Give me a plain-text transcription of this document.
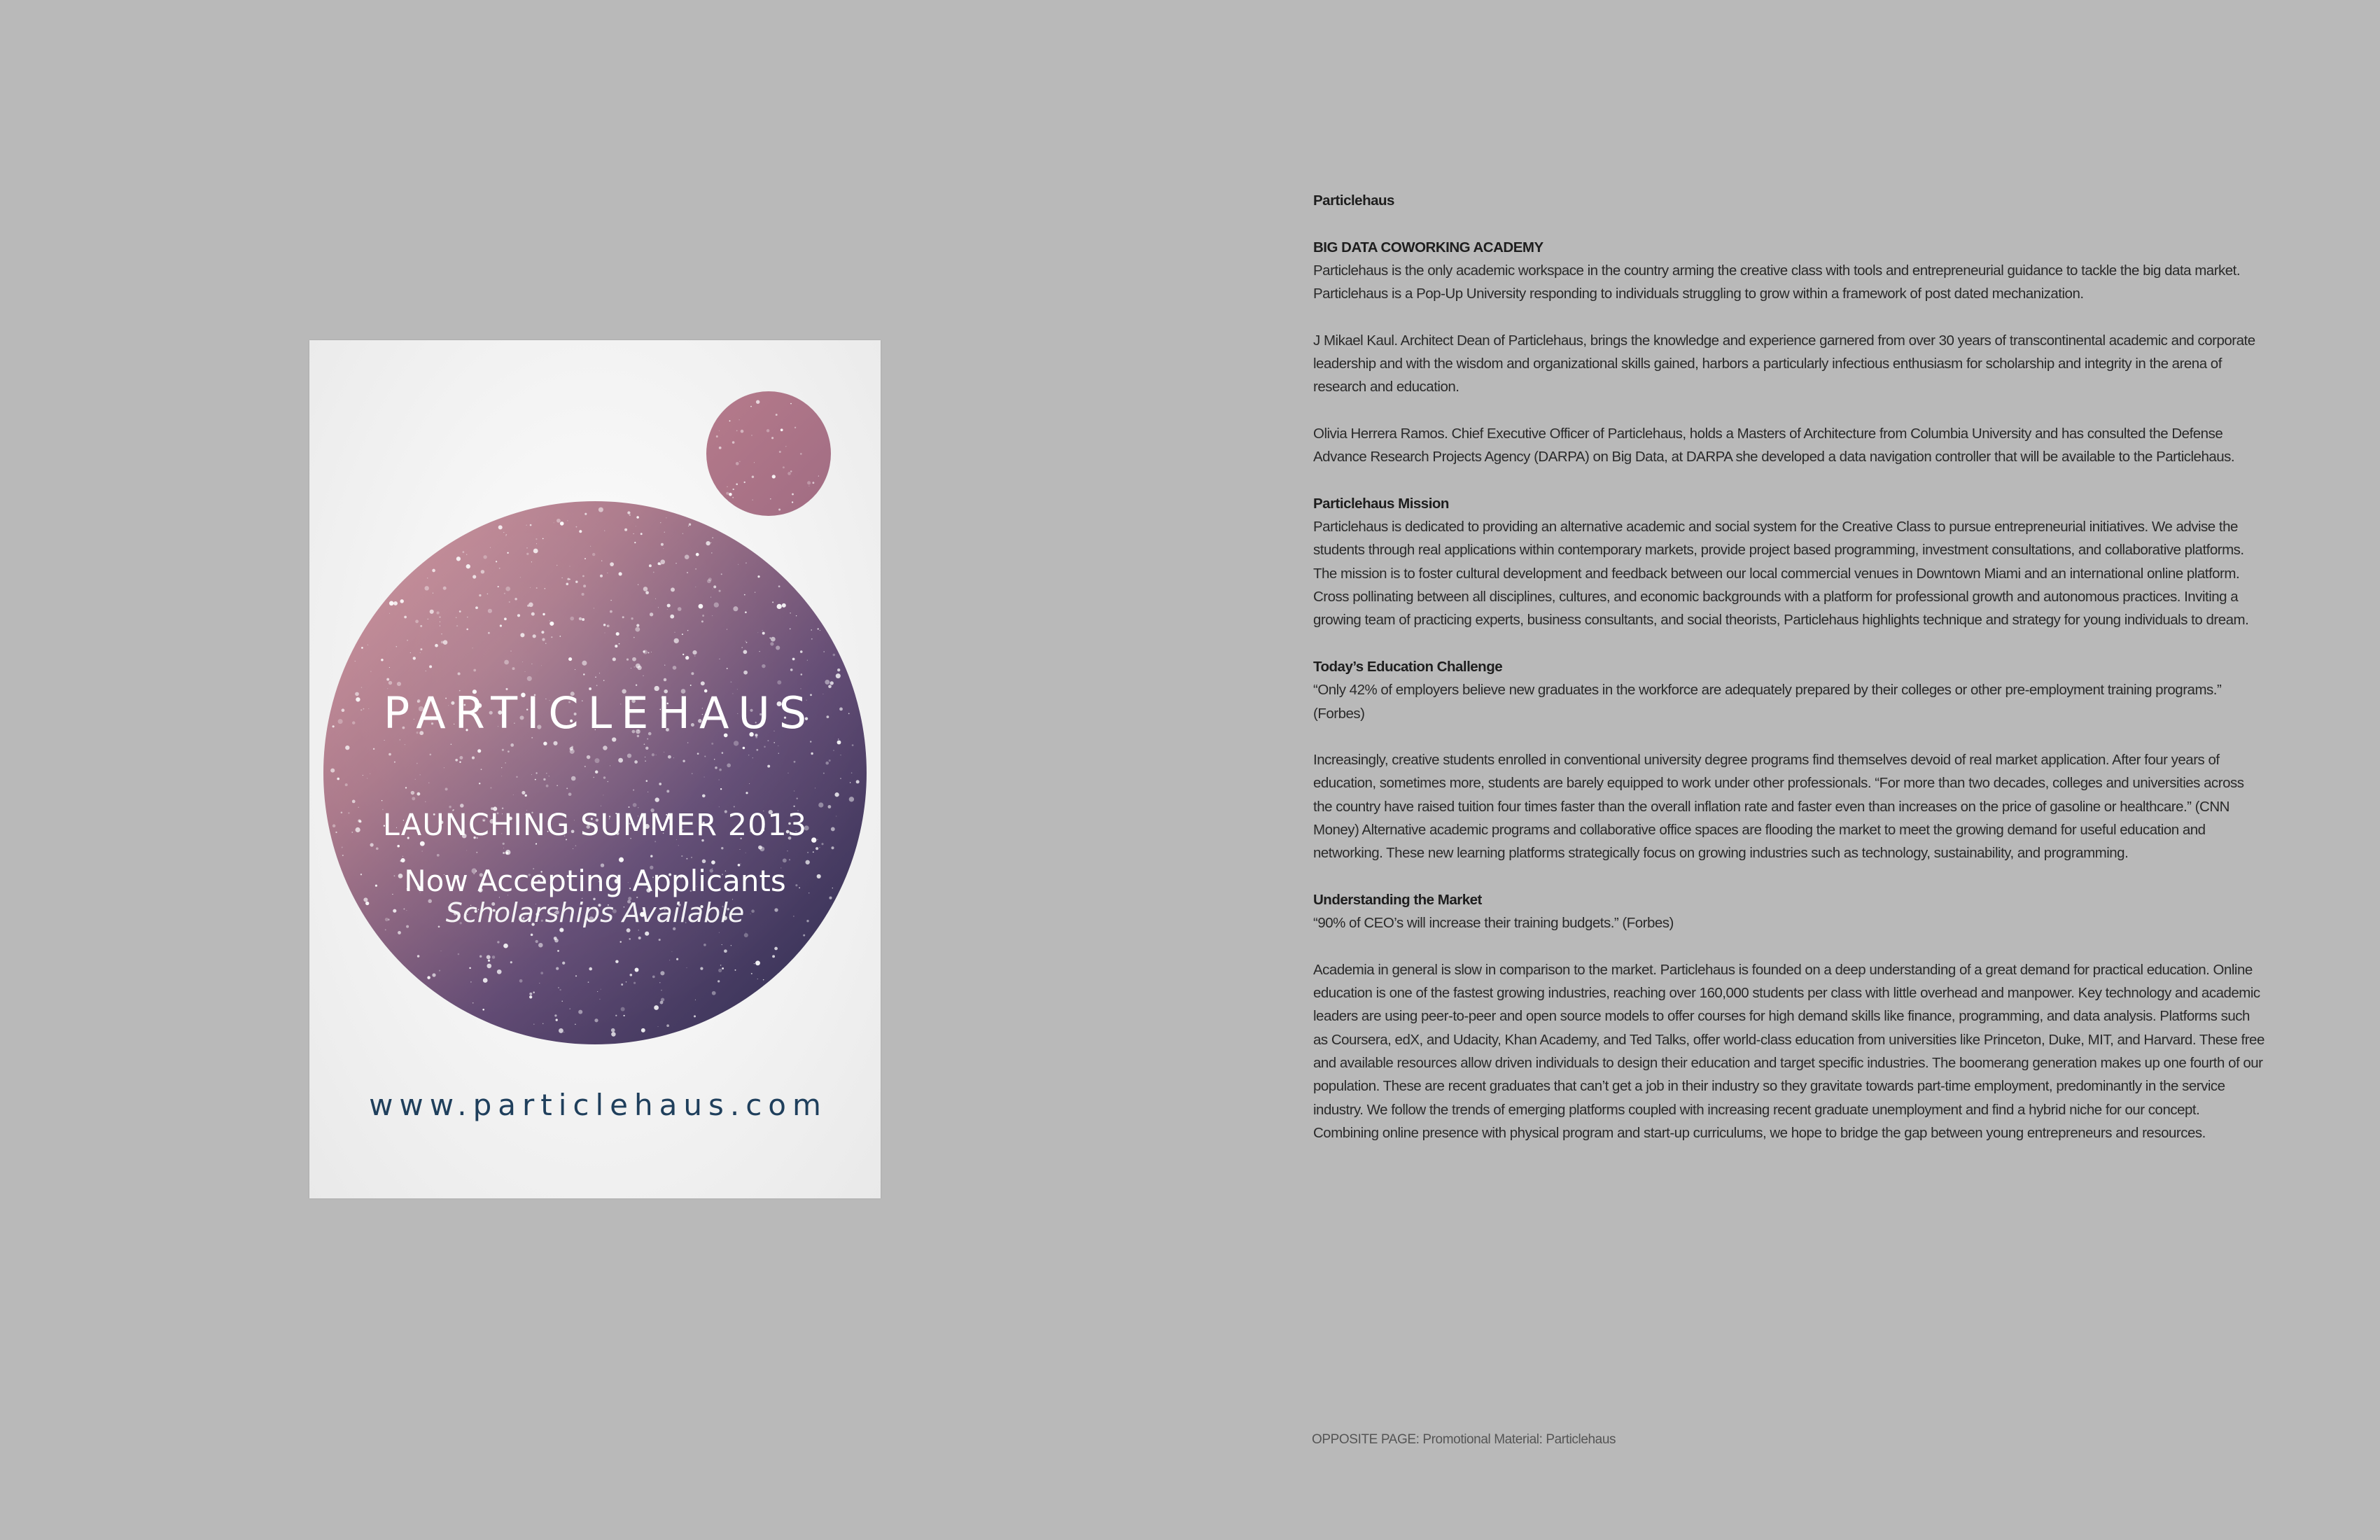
PARTICLEHAUS
LAUNCHING SUMMER 2013
Now Accepting Applicants
Scholarships Available
www.particlehaus.com

Particlehaus

BIG DATA COWORKING ACADEMY

Particlehaus is the only academic workspace in the country arming the creative class with tools and entrepreneurial guidance to tackle the big data market. Particlehaus is a Pop-Up University responding to individuals struggling to grow within a framework of post dated mechanization.

J Mikael Kaul. Architect Dean of Particlehaus, brings the knowledge and experience garnered from over 30 years of transcontinental academic and corporate leadership and with the wisdom and organizational skills gained, harbors a particularly infectious enthusiasm for scholarship and integrity in the arena of research and education.

Olivia Herrera Ramos. Chief Executive Officer of Particlehaus, holds a Masters of Architecture from Columbia University and has consulted the Defense Advance Research Projects Agency (DARPA) on Big Data, at DARPA she developed a data navigation controller that will be available to the Particlehaus.

Particlehaus Mission

Particlehaus is dedicated to providing an alternative academic and social system for the Creative Class to pursue entrepreneurial initiatives. We advise the students through real applications within contemporary markets, provide project based programming, investment consultations, and collaborative platforms. The mission is to foster cultural development and feedback between our local commercial venues in Downtown Miami and an international online platform. Cross pollinating between all disciplines, cultures, and economic backgrounds with a platform for professional growth and autonomous practices. Inviting a growing team of practicing experts, business consultants, and social theorists, Particlehaus highlights technique and strategy for young individuals to dream.

Today’s Education Challenge

“Only 42% of employers believe new graduates in the workforce are adequately prepared by their colleges or other pre-employment training programs.” (Forbes)

Increasingly, creative students enrolled in conventional university degree programs find themselves devoid of real market application. After four years of education, sometimes more, students are barely equipped to work under other professionals. “For more than two decades, colleges and universities across the country have raised tuition four times faster than the overall inflation rate and faster even than increases on the price of gasoline or healthcare.” (CNN Money) Alternative academic programs and collaborative office spaces are flooding the market to meet the growing demand for useful education and networking. These new learning platforms strategically focus on growing industries such as technology, sustainability, and programming.

Understanding the Market

“90% of CEO’s will increase their training budgets.” (Forbes)

Academia in general is slow in comparison to the market. Particlehaus is founded on a deep understanding of a great demand for practical education. Online education is one of the fastest growing industries, reaching over 160,000 students per class with little overhead and manpower. Key technology and academic leaders are using peer-to-peer and open source models to offer courses for high demand skills like finance, programming, and data analysis. Platforms such as Coursera, edX, and Udacity, Khan Academy, and Ted Talks, offer world-class education from universities like Princeton, Duke, MIT, and Harvard. These free and available resources allow driven individuals to design their education and target specific industries. The boomerang generation makes up one fourth of our population. These are recent graduates that can’t get a job in their industry so they gravitate towards part-time employment, predominantly in the service industry. We follow the trends of emerging platforms coupled with increasing recent graduate unemployment and find a hybrid niche for our concept. Combining online presence with physical program and start-up curriculums, we hope to bridge the gap between young entrepreneurs and resources.

OPPOSITE PAGE: Promotional Material: Particlehaus
